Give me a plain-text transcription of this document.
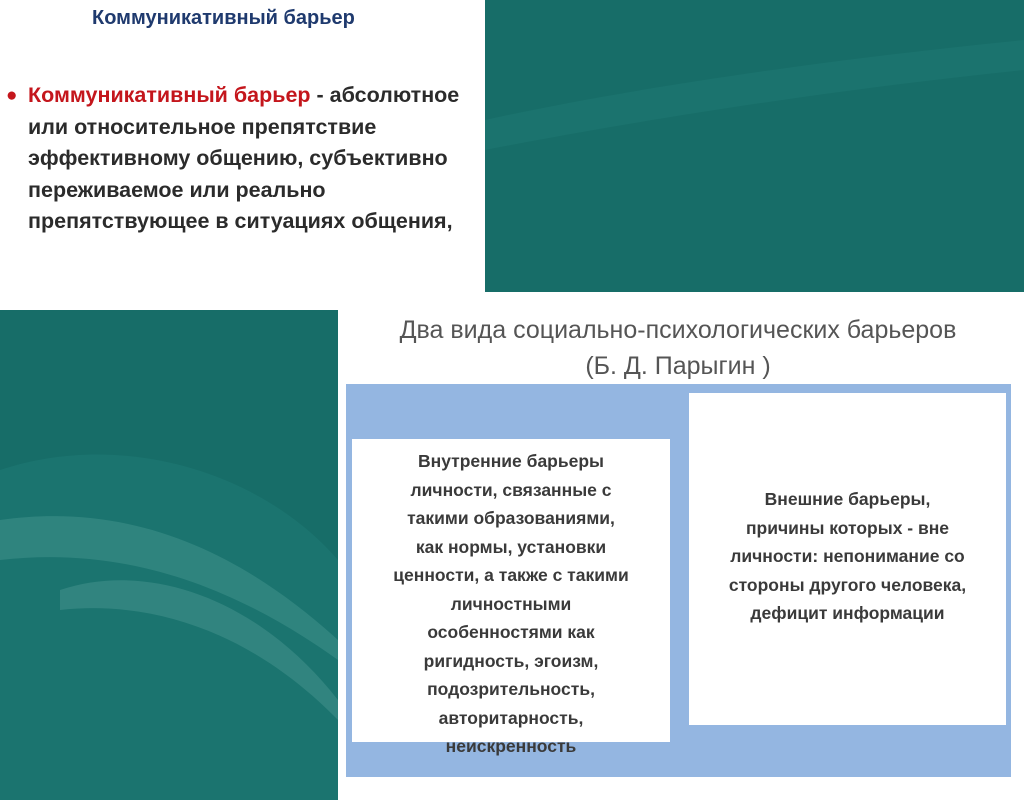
Коммуникативный барьер
● Коммуникативный барьер - абсолютное или относительное препятствие эффективному общению, субъективно переживаемое или реально препятствующее в ситуациях общения,
Два вида социально-психологических барьеров
(Б. Д. Парыгин )
Внутренние барьеры
личности, связанные с
такими образованиями,
как нормы, установки
ценности, а также с такими
личностными
особенностями как
ригидность, эгоизм,
подозрительность,
авторитарность,
неискренность
Внешние барьеры,
причины которых - вне
личности: непонимание со
стороны другого человека,
дефицит информации
